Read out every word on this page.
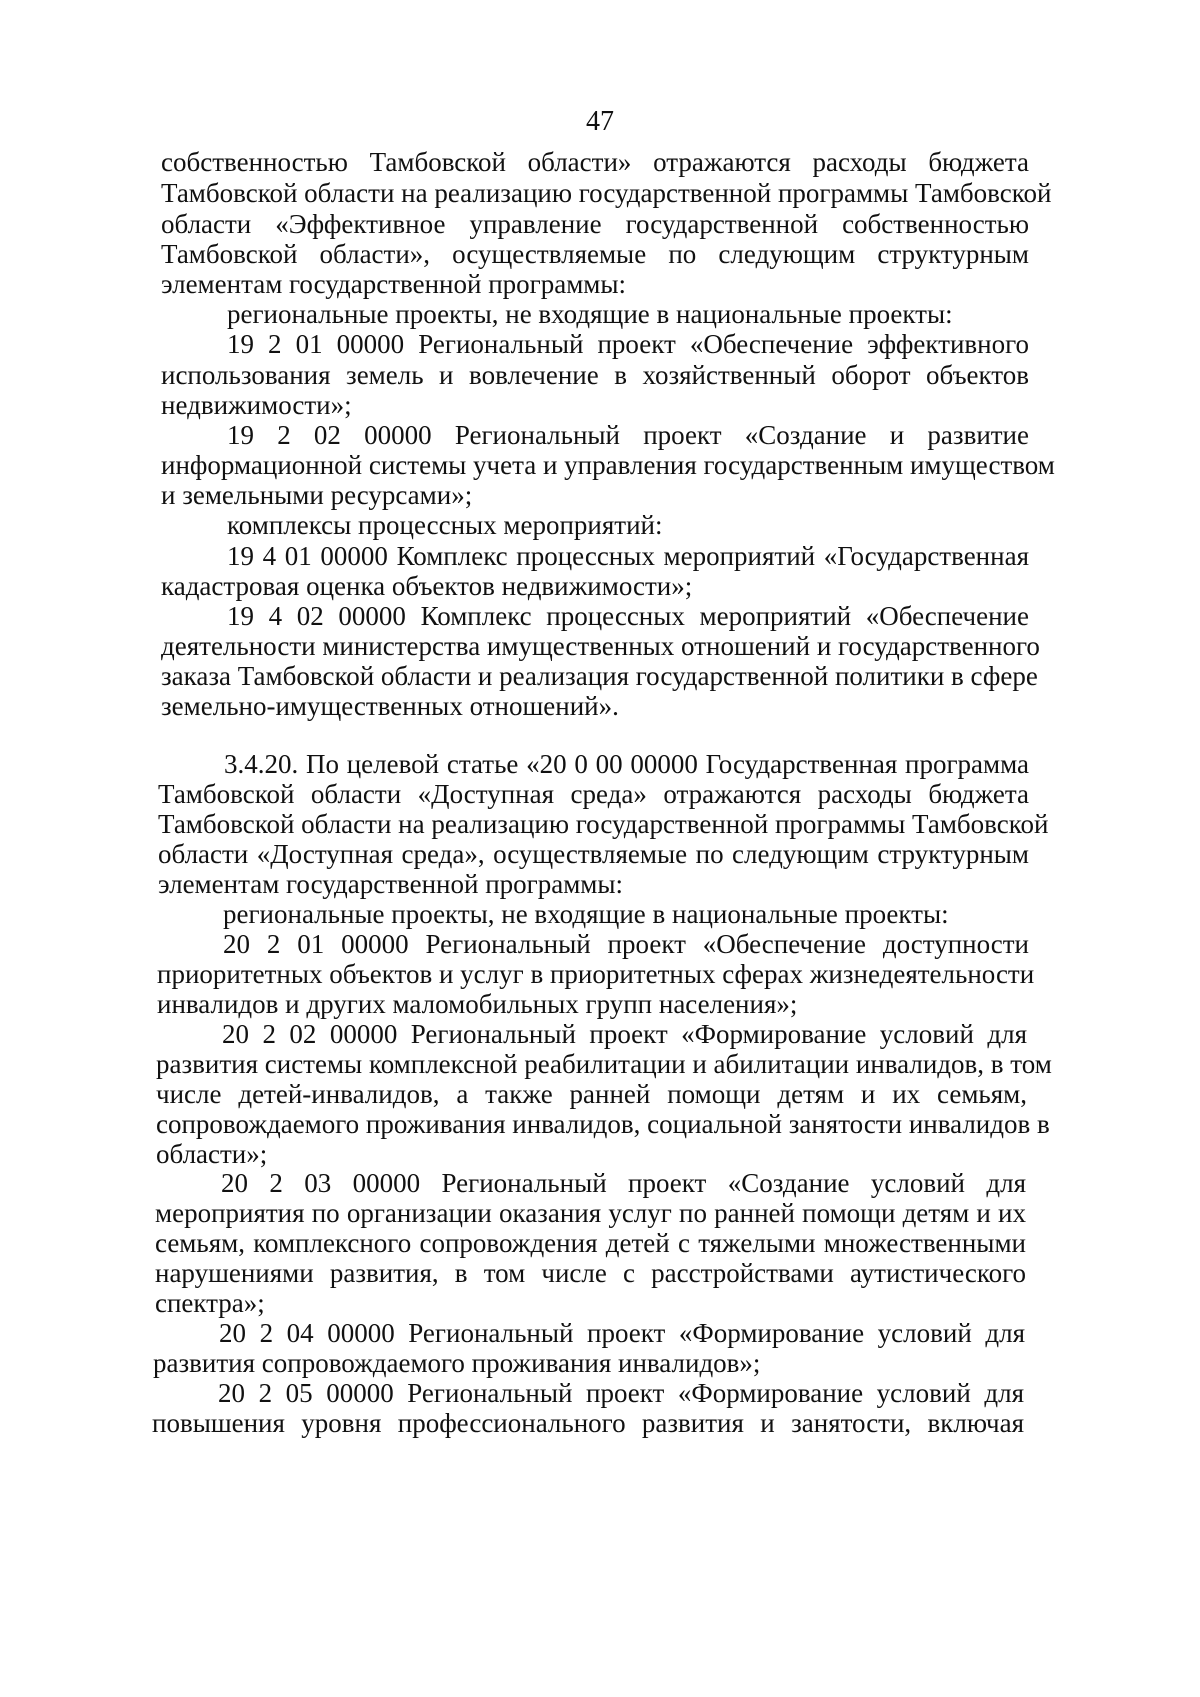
47
собственностью Тамбовской области» отражаются расходы бюджета
Тамбовской области на реализацию государственной программы Тамбовской
области «Эффективное управление государственной собственностью
Тамбовской области», осуществляемые по следующим структурным
элементам государственной программы:
региональные проекты, не входящие в национальные проекты:
19 2 01 00000 Региональный проект «Обеспечение эффективного
использования земель и вовлечение в хозяйственный оборот объектов
недвижимости»;
19 2 02 00000 Региональный проект «Создание и развитие
информационной системы учета и управления государственным имуществом
и земельными ресурсами»;
комплексы процессных мероприятий:
19 4 01 00000 Комплекс процессных мероприятий «Государственная
кадастровая оценка объектов недвижимости»;
19 4 02 00000 Комплекс процессных мероприятий «Обеспечение
деятельности министерства имущественных отношений и государственного
заказа Тамбовской области и реализация государственной политики в сфере
земельно-имущественных отношений».
3.4.20. По целевой статье «20 0 00 00000 Государственная программа
Тамбовской области «Доступная среда» отражаются расходы бюджета
Тамбовской области на реализацию государственной программы Тамбовской
области «Доступная среда», осуществляемые по следующим структурным
элементам государственной программы:
региональные проекты, не входящие в национальные проекты:
20 2 01 00000 Региональный проект «Обеспечение доступности
приоритетных объектов и услуг в приоритетных сферах жизнедеятельности
инвалидов и других маломобильных групп населения»;
20 2 02 00000 Региональный проект «Формирование условий для
развития системы комплексной реабилитации и абилитации инвалидов, в том
числе детей-инвалидов, а также ранней помощи детям и их семьям,
сопровождаемого проживания инвалидов, социальной занятости инвалидов в
области»;
20 2 03 00000 Региональный проект «Создание условий для
мероприятия по организации оказания услуг по ранней помощи детям и их
семьям, комплексного сопровождения детей с тяжелыми множественными
нарушениями развития, в том числе с расстройствами аутистического
спектра»;
20 2 04 00000 Региональный проект «Формирование условий для
развития сопровождаемого проживания инвалидов»;
20 2 05 00000 Региональный проект «Формирование условий для
повышения уровня профессионального развития и занятости, включая
